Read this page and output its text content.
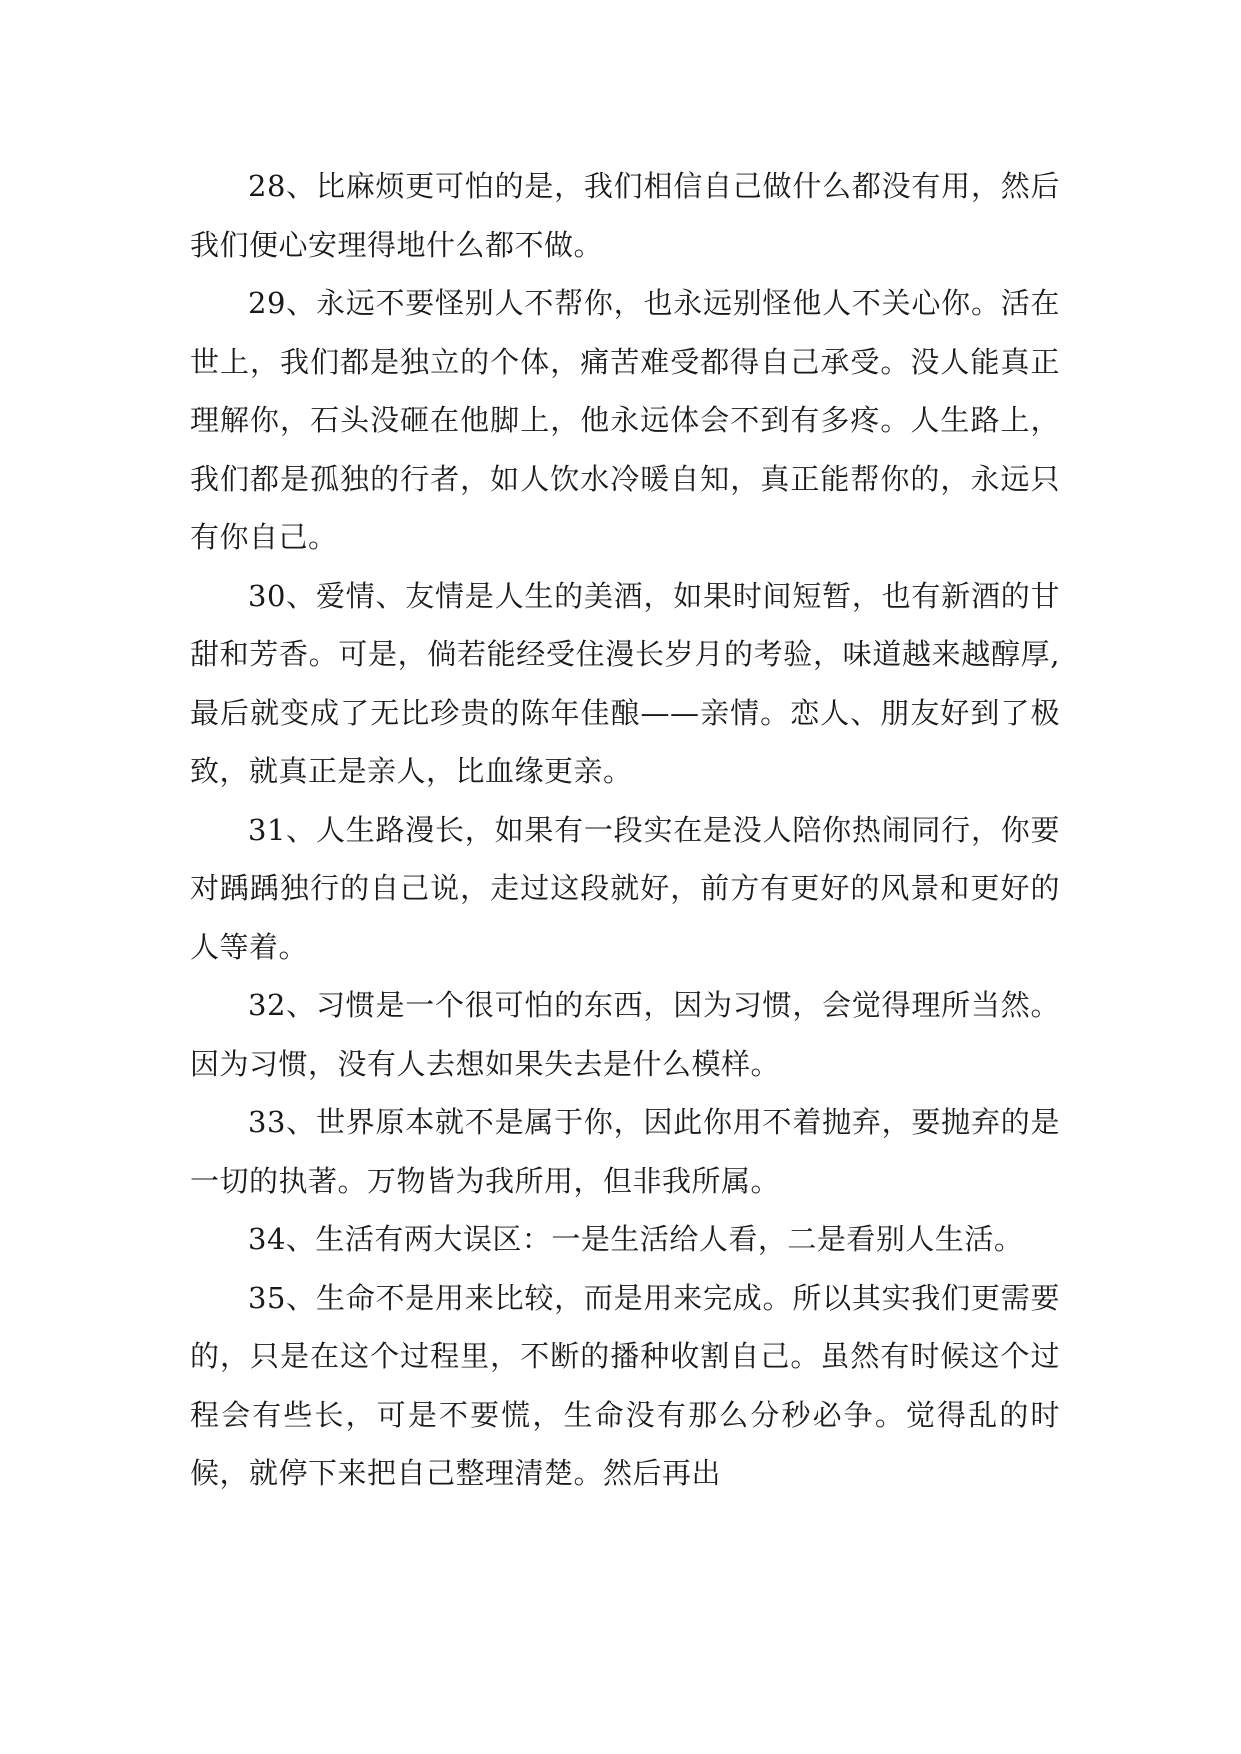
28、比麻烦更可怕的是，我们相信自己做什么都没有用，然后我们便心安理得地什么都不做。

29、永远不要怪别人不帮你，也永远别怪他人不关心你。活在世上，我们都是独立的个体，痛苦难受都得自己承受。没人能真正理解你，石头没砸在他脚上，他永远体会不到有多疼。人生路上，我们都是孤独的行者，如人饮水冷暖自知，真正能帮你的，永远只有你自己。

30、爱情、友情是人生的美酒，如果时间短暂，也有新酒的甘甜和芳香。可是，倘若能经受住漫长岁月的考验，味道越来越醇厚,最后就变成了无比珍贵的陈年佳酿——亲情。恋人、朋友好到了极致，就真正是亲人，比血缘更亲。

31、人生路漫长，如果有一段实在是没人陪你热闹同行，你要对踽踽独行的自己说，走过这段就好，前方有更好的风景和更好的人等着。

32、习惯是一个很可怕的东西，因为习惯，会觉得理所当然。因为习惯，没有人去想如果失去是什么模样。

33、世界原本就不是属于你，因此你用不着抛弃，要抛弃的是一切的执著。万物皆为我所用，但非我所属。

34、生活有两大误区：一是生活给人看，二是看别人生活。

35、生命不是用来比较，而是用来完成。所以其实我们更需要的，只是在这个过程里，不断的播种收割自己。虽然有时候这个过程会有些长，可是不要慌，生命没有那么分秒必争。觉得乱的时候，就停下来把自己整理清楚。然后再出
